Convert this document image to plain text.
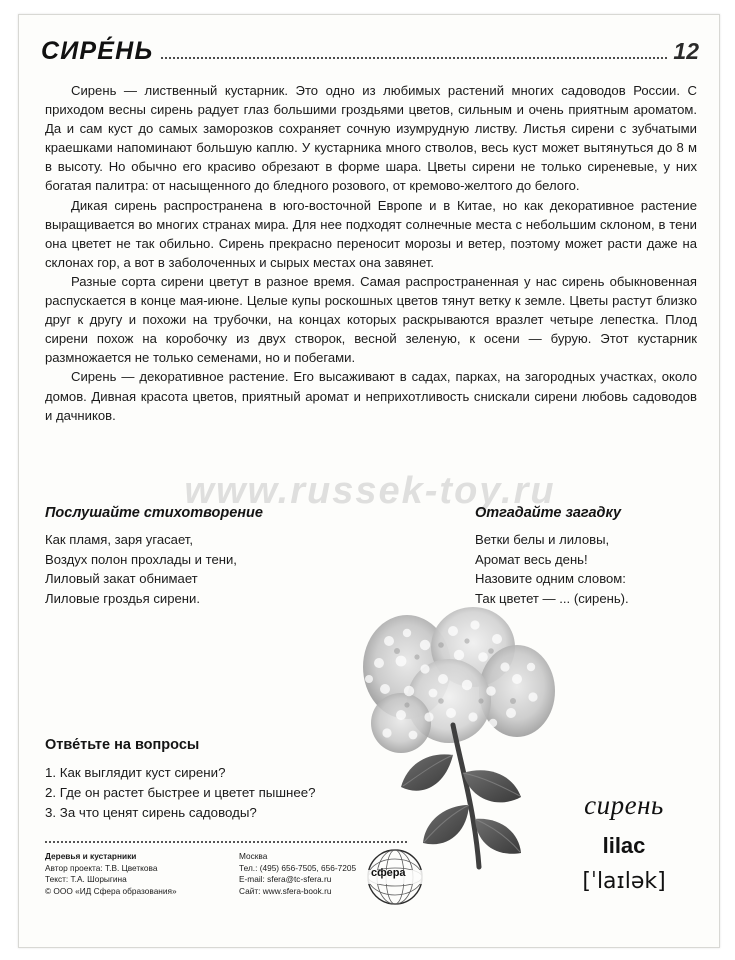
СИРЕ́НЬ	12

Сирень — лиственный кустарник. Это одно из любимых растений многих садоводов России. С приходом весны сирень радует глаз большими гроздьями цветов, сильным и очень приятным ароматом. Да и сам куст до самых заморозков сохраняет сочную изумрудную листву. Листья сирени с зубчатыми краешками напоминают большую каплю. У кустарника много стволов, весь куст может вытянуться до 8 м в высоту. Но обычно его красиво обрезают в форме шара. Цветы сирени не только сиреневые, у них богатая палитра: от насыщенного до бледного розового, от кремово-желтого до белого.

Дикая сирень распространена в юго-восточной Европе и в Китае, но как декоративное растение выращивается во многих странах мира. Для нее подходят солнечные места с небольшим склоном, в тени она цветет не так обильно. Сирень прекрасно переносит морозы и ветер, поэтому может расти даже на склонах гор, а вот в заболоченных и сырых местах она завянет.

Разные сорта сирени цветут в разное время. Самая распространенная у нас сирень обыкновенная распускается в конце мая-июне. Целые купы роскошных цветов тянут ветку к земле. Цветы растут близко друг к другу и похожи на трубочки, на концах которых раскрываются вразлет четыре лепестка. Плод сирени похож на коробочку из двух створок, весной зеленую, к осени — бурую. Этот кустарник размножается не только семенами, но и побегами.

Сирень — декоративное растение. Его высаживают в садах, парках, на загородных участках, около домов. Дивная красота цветов, приятный аромат и неприхотливость снискали сирени любовь садоводов и дачников.

www.russek-toy.ru
Послушайте стихотворение
Как пламя, заря угасает,
Воздух полон прохлады и тени,
Лиловый закат обнимает
Лиловые гроздья сирени.
Отгадайте загадку
Ветки белы и лиловы,
Аромат весь день!
Назовите одним словом:
Так цветет — ... (сирень).
Отве́тьте на вопросы
1. Как выглядит куст сирени?
2. Где он растет быстрее и цветет пышнее?
3. За что ценят сирень садоводы?	сирень
lilac
[ˈlaɪlək]
Деревья и кустарники
Автор проекта: Т.В. Цветкова
Текст: Т.А. Шорыгина
© ООО «ИД Сфера образования»
Москва
Тел.: (495) 656-7505, 656-7205
E-mail: sfera@tc-sfera.ru
Сайт: www.sfera-book.ru
сфера
